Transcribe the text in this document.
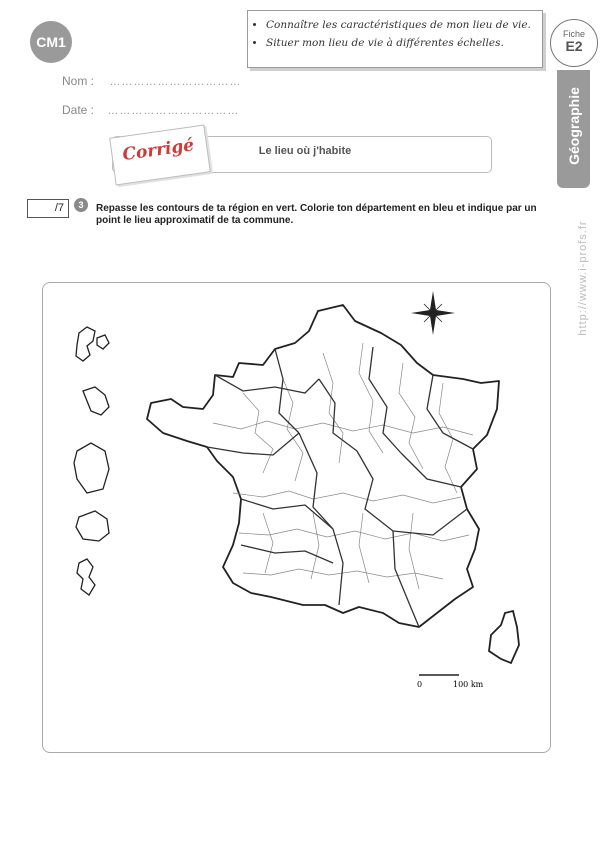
CM1
Nom : ……………………………
Date : ……………………………
• Connaître les caractéristiques de mon lieu de vie.
• Situer mon lieu de vie à différentes échelles.
Fiche
E2
Géographie
http://www.i-profs.fr
Le lieu où j'habite
Corrigé
/7	3	Repasse les contours de ta région en vert. Colorie ton département en bleu et indique par un point le lieu approximatif de ta commune.
0	100 km
